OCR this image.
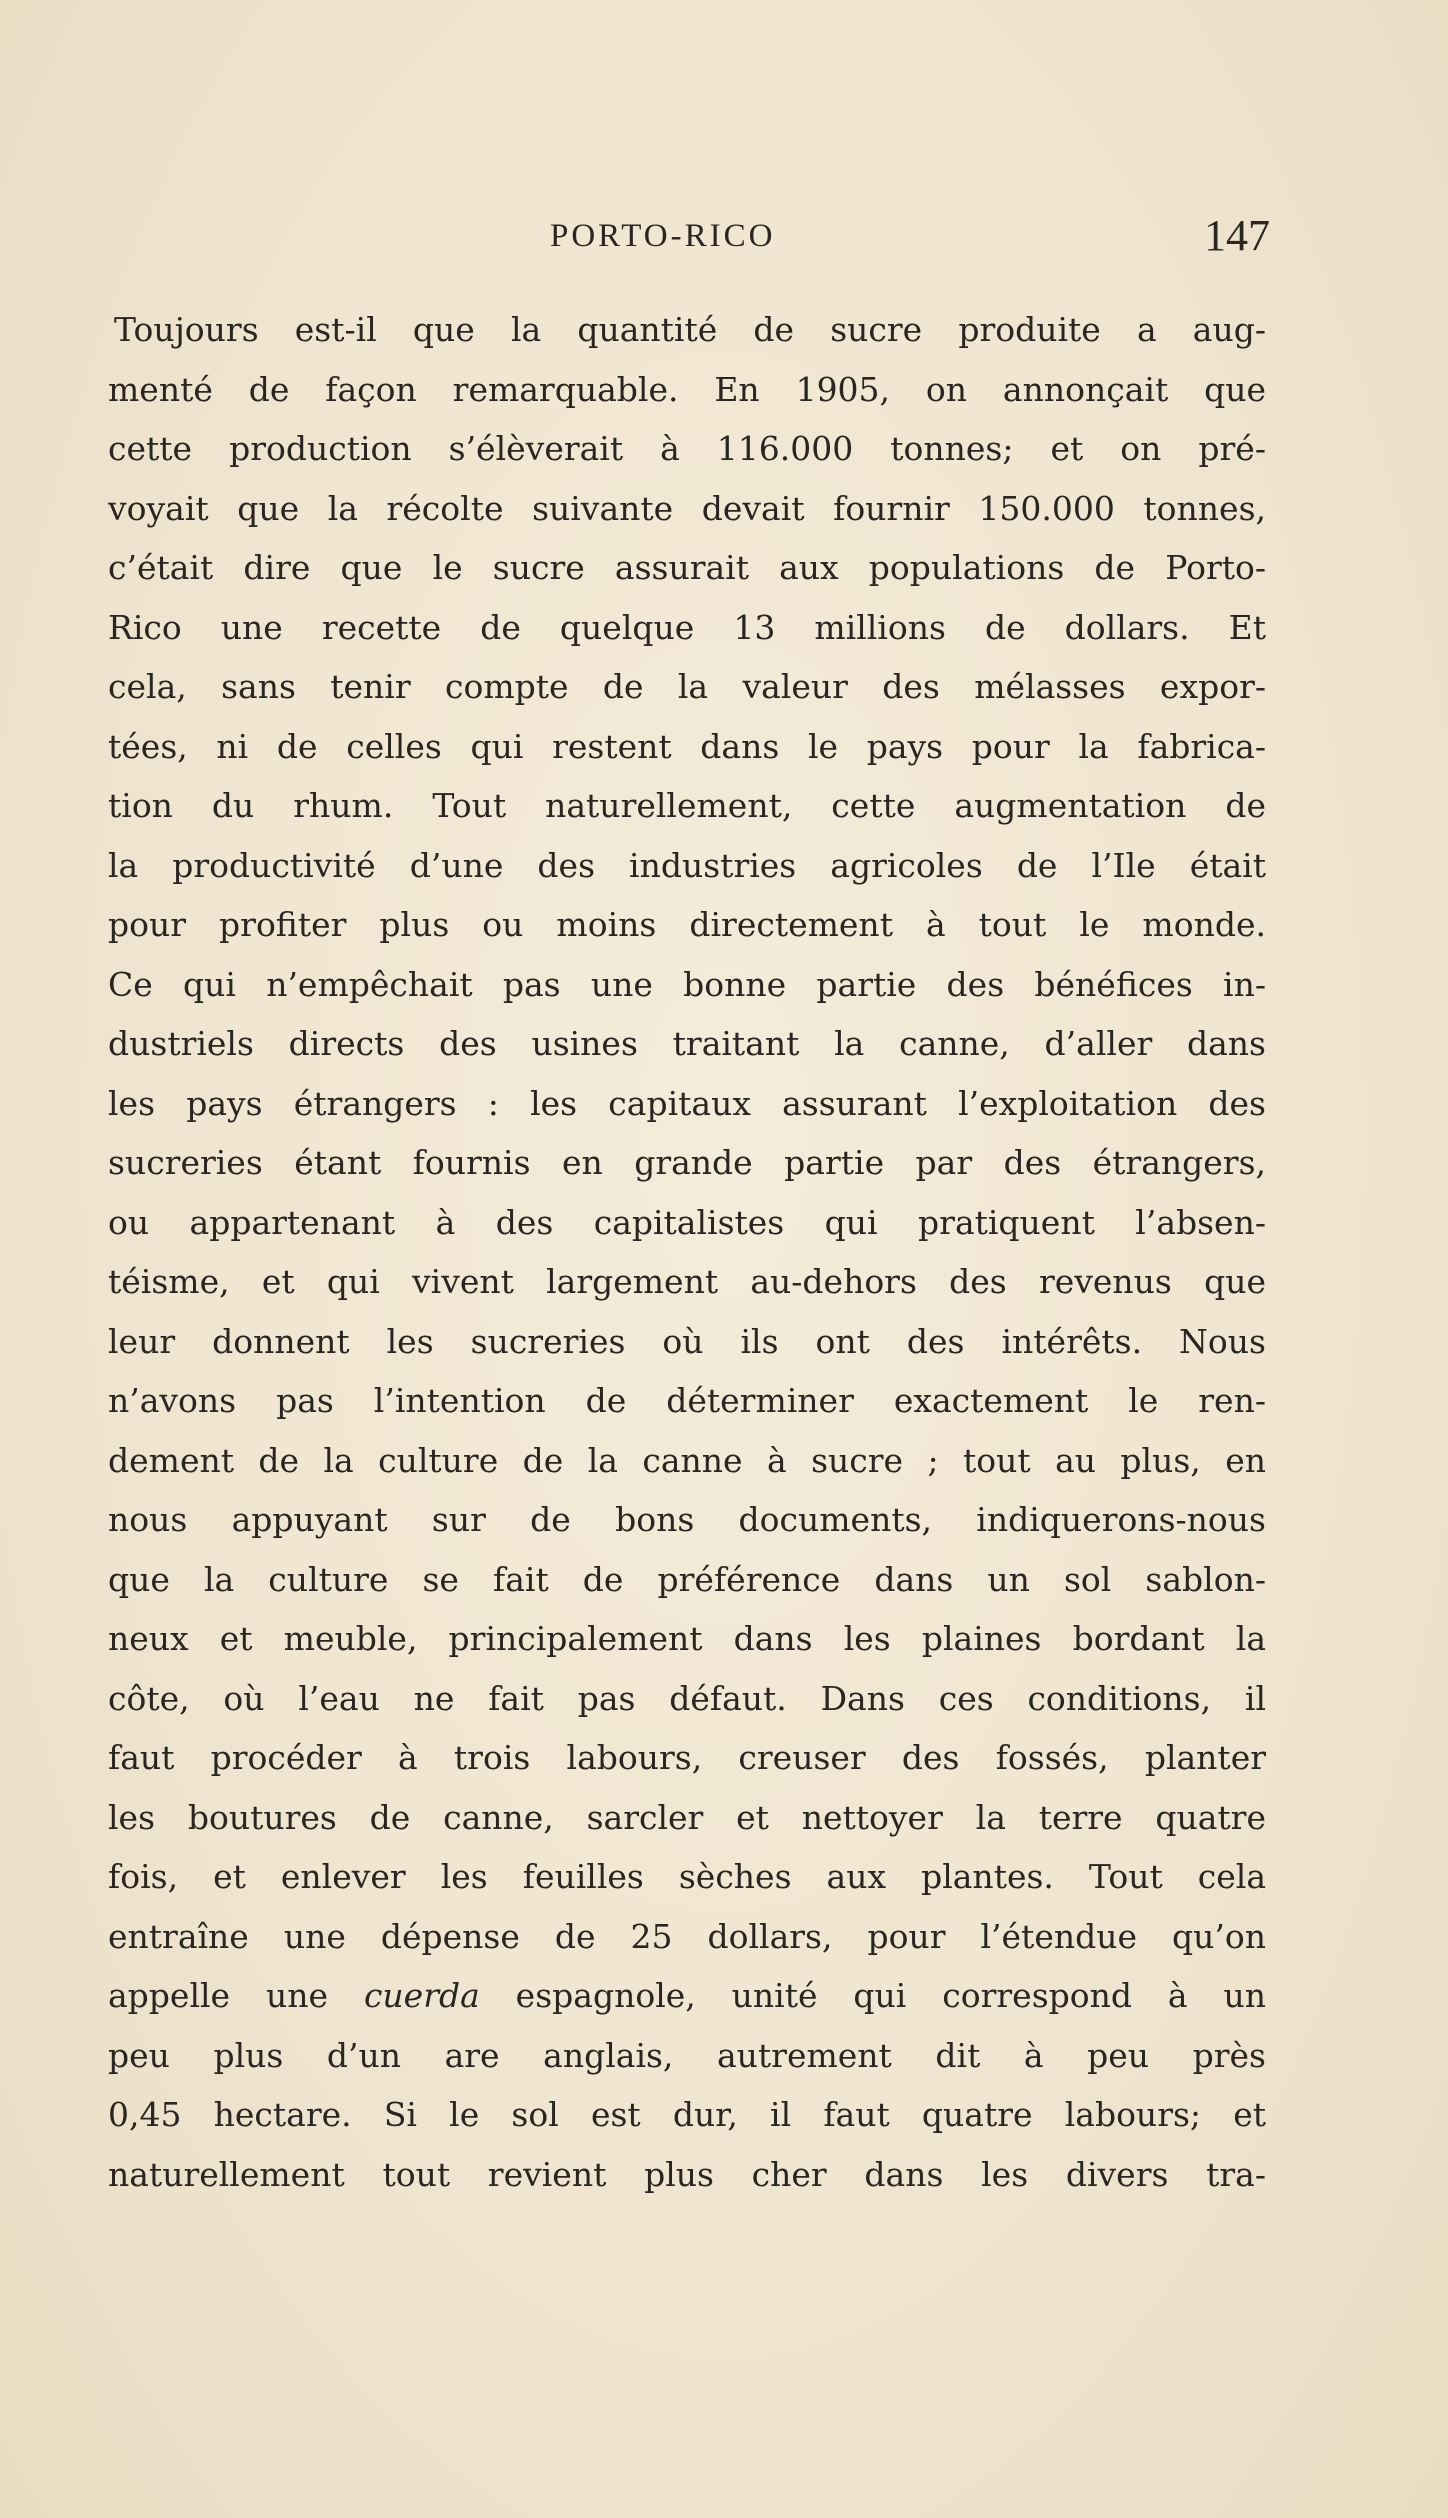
PORTO-RICO	147
Toujours est-il que la quantité de sucre produite a aug-
menté de façon remarquable. En 1905, on annonçait que
cette production s’élèverait à 116.000 tonnes; et on pré-
voyait que la récolte suivante devait fournir 150.000 tonnes,
c’était dire que le sucre assurait aux populations de Porto-
Rico une recette de quelque 13 millions de dollars. Et
cela, sans tenir compte de la valeur des mélasses expor-
tées, ni de celles qui restent dans le pays pour la fabrica-
tion du rhum. Tout naturellement, cette augmentation de
la productivité d’une des industries agricoles de l’Ile était
pour profiter plus ou moins directement à tout le monde.
Ce qui n’empêchait pas une bonne partie des bénéfices in-
dustriels directs des usines traitant la canne, d’aller dans
les pays étrangers : les capitaux assurant l’exploitation des
sucreries étant fournis en grande partie par des étrangers,
ou appartenant à des capitalistes qui pratiquent l’absen-
téisme, et qui vivent largement au-dehors des revenus que
leur donnent les sucreries où ils ont des intérêts. Nous
n’avons pas l’intention de déterminer exactement le ren-
dement de la culture de la canne à sucre ; tout au plus, en
nous appuyant sur de bons documents, indiquerons-nous
que la culture se fait de préférence dans un sol sablon-
neux et meuble, principalement dans les plaines bordant la
côte, où l’eau ne fait pas défaut. Dans ces conditions, il
faut procéder à trois labours, creuser des fossés, planter
les boutures de canne, sarcler et nettoyer la terre quatre
fois, et enlever les feuilles sèches aux plantes. Tout cela
entraîne une dépense de 25 dollars, pour l’étendue qu’on
appelle une cuerda espagnole, unité qui correspond à un
peu plus d’un are anglais, autrement dit à peu près
0,45 hectare. Si le sol est dur, il faut quatre labours; et
naturellement tout revient plus cher dans les divers tra-
